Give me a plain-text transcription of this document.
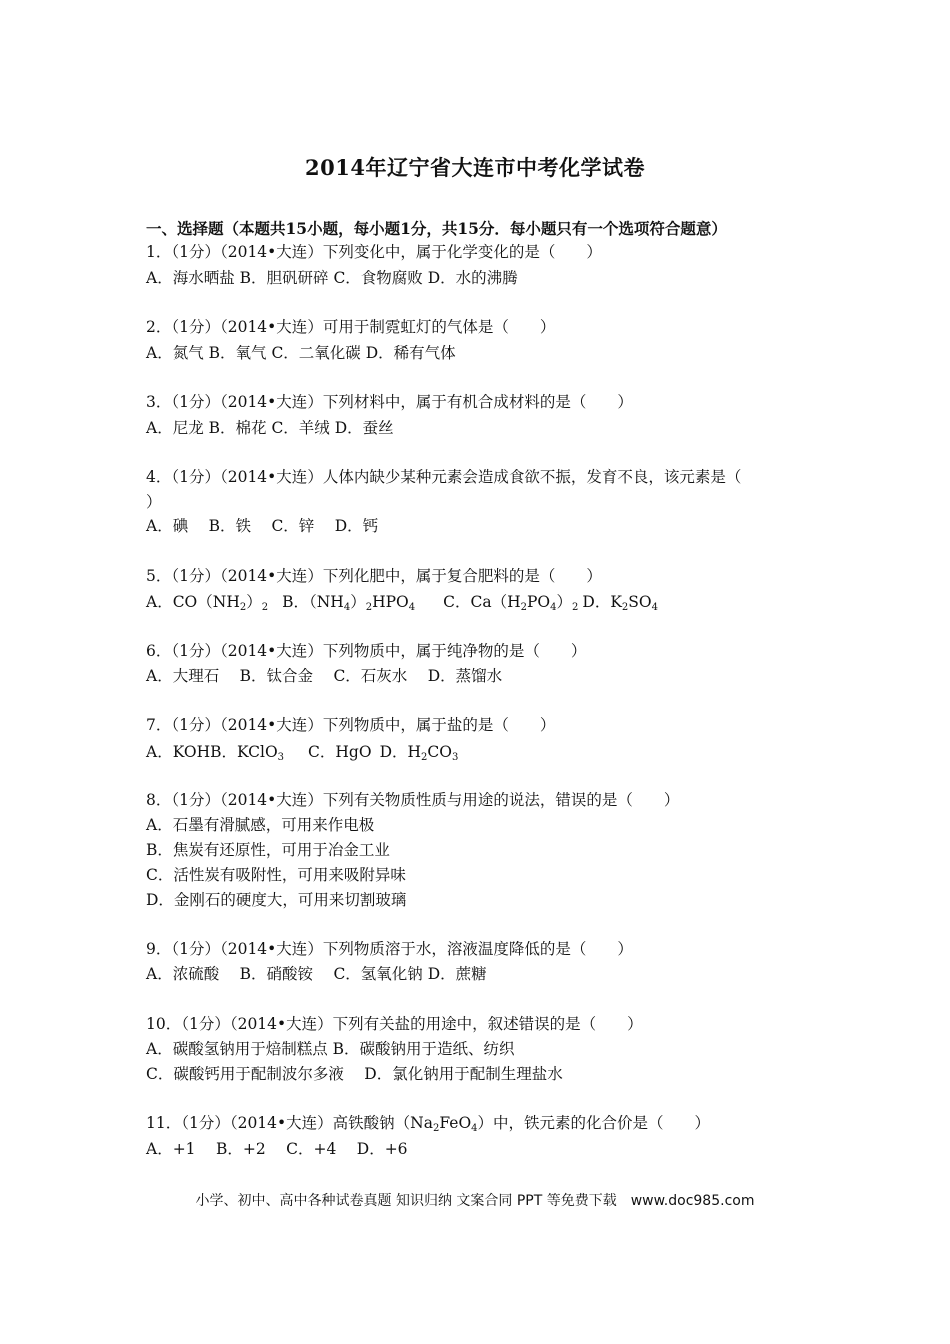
2014年辽宁省大连市中考化学试卷
一、选择题（本题共15小题，每小题1分，共15分．每小题只有一个选项符合题意）
1．（1分）（2014•大连）下列变化中，属于化学变化的是（　　）
A．海水晒盐 B．胆矾研碎 C．食物腐败 D．水的沸腾
2．（1分）（2014•大连）可用于制霓虹灯的气体是（　　）
A．氮气 B．氧气 C．二氧化碳 D．稀有气体
3．（1分）（2014•大连）下列材料中，属于有机合成材料的是（　　）
A．尼龙 B．棉花 C．羊绒 D．蚕丝
4．（1分）（2014•大连）人体内缺少某种元素会造成食欲不振，发育不良，该元素是（
）
A．碘　 B．铁　 C．锌　 D．钙
5．（1分）（2014•大连）下列化肥中，属于复合肥料的是（　　）
A．$CO(NH_2)_2$ B．$(NH_4)_2HPO_4$ C．$Ca(H_2PO_4)_2$ D．$K_2SO_4$
6．（1分）（2014•大连）下列物质中，属于纯净物的是（　　）
A．大理石　 B．钛合金　 C．石灰水　 D．蒸馏水
7．（1分）（2014•大连）下列物质中，属于盐的是（　　）
A．KOHB．KClO$_3$ C．HgO D．$H_2CO_3$
8．（1分）（2014•大连）下列有关物质性质与用途的说法，错误的是（　　）
A．石墨有滑腻感，可用来作电极
B．焦炭有还原性，可用于冶金工业
C．活性炭有吸附性，可用来吸附异味
D．金刚石的硬度大，可用来切割玻璃
9．（1分）（2014•大连）下列物质溶于水，溶液温度降低的是（　　）
A．浓硫酸　 B．硝酸铵　 C．氢氧化钠 D．蔗糖
10．（1分）（2014•大连）下列有关盐的用途中，叙述错误的是（　　）
A．碳酸氢钠用于焙制糕点 B．碳酸钠用于造纸、纺织
C．碳酸钙用于配制波尔多液　 D．氯化钠用于配制生理盐水
11．（1分）（2014•大连）高铁酸钠$(Na_2FeO_4)$中，铁元素的化合价是（　　）
A．+1　 B．+2　 C．+4　 D．+6
小学、初中、高中各种试卷真题 知识归纳 文案合同 PPT 等免费下载　www.doc985.com
